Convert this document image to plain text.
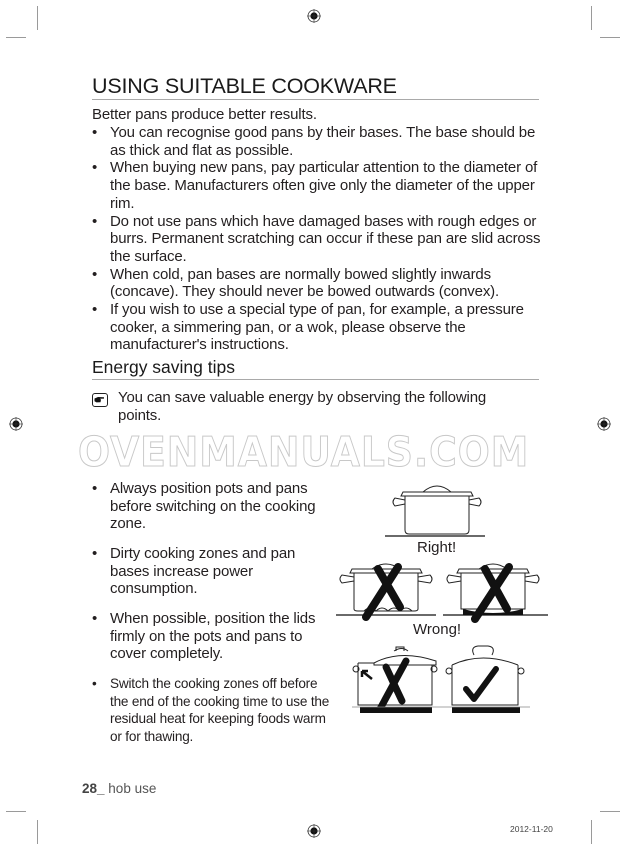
USING SUITABLE COOKWARE
Better pans produce better results.
• You can recognise good pans by their bases. The base should be as thick and flat as possible.
• When buying new pans, pay particular attention to the diameter of the base. Manufacturers often give only the diameter of the upper rim.
• Do not use pans which have damaged bases with rough edges or burrs. Permanent scratching can occur if these pan are slid across the surface.
• When cold, pan bases are normally bowed slightly inwards (concave). They should never be bowed outwards (convex).
• If you wish to use a special type of pan, for example, a pressure cooker, a simmering pan, or a wok, please observe the manufacturer's instructions.
Energy saving tips
OVENMANUALS.COM
You can save valuable energy by observing the following points.
• Always position pots and pans before switching on the cooking zone.
• Dirty cooking zones and pan bases increase power consumption.
• When possible, position the lids firmly on the pots and pans to cover completely.
• Switch the cooking zones off before the end of the cooking time to use the residual heat for keeping foods warm or for thawing.
Right!
Wrong!
28_ hob use
2012-11-20
